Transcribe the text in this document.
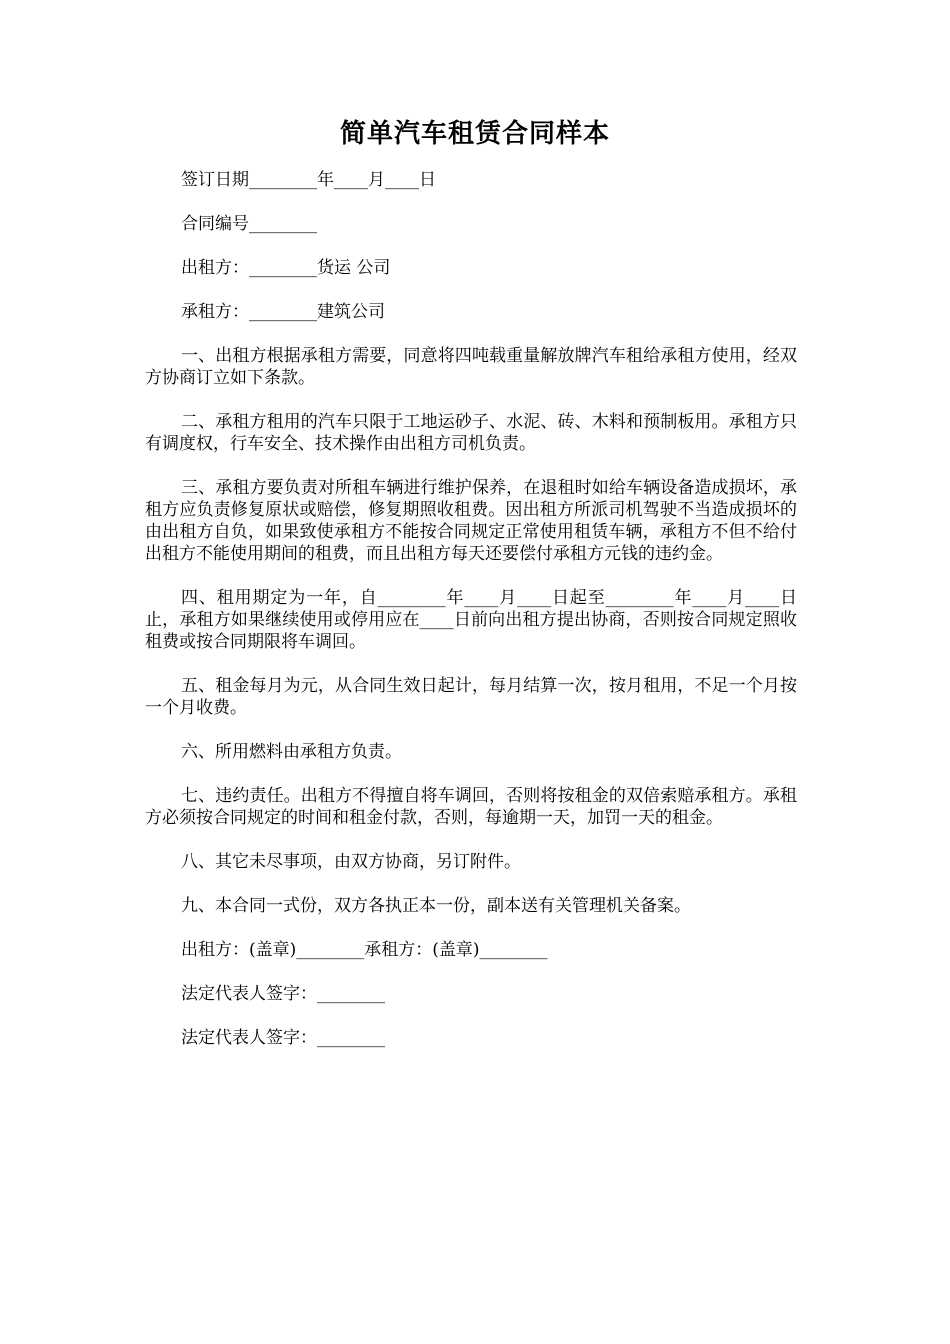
简单汽车租赁合同样本

签订日期________年____月____日

合同编号________

出租方：________货运 公司

承租方：________建筑公司

一、出租方根据承租方需要，同意将四吨载重量解放牌汽车租给承租方使用，经双方协商订立如下条款。

二、承租方租用的汽车只限于工地运砂子、水泥、砖、木料和预制板用。承租方只有调度权，行车安全、技术操作由出租方司机负责。

三、承租方要负责对所租车辆进行维护保养，在退租时如给车辆设备造成损坏，承租方应负责修复原状或赔偿，修复期照收租费。因出租方所派司机驾驶不当造成损坏的由出租方自负，如果致使承租方不能按合同规定正常使用租赁车辆，承租方不但不给付出租方不能使用期间的租费，而且出租方每天还要偿付承租方元钱的违约金。

四、租用期定为一年，自________年____月____日起至________年____月____日止，承租方如果继续使用或停用应在____日前向出租方提出协商，否则按合同规定照收租费或按合同期限将车调回。

五、租金每月为元，从合同生效日起计，每月结算一次，按月租用，不足一个月按一个月收费。

六、所用燃料由承租方负责。

七、违约责任。出租方不得擅自将车调回，否则将按租金的双倍索赔承租方。承租方必须按合同规定的时间和租金付款，否则，每逾期一天，加罚一天的租金。

八、其它未尽事项，由双方协商，另订附件。

九、本合同一式份，双方各执正本一份，副本送有关管理机关备案。

出租方：(盖章)________承租方：(盖章)________

法定代表人签字：________

法定代表人签字：________
